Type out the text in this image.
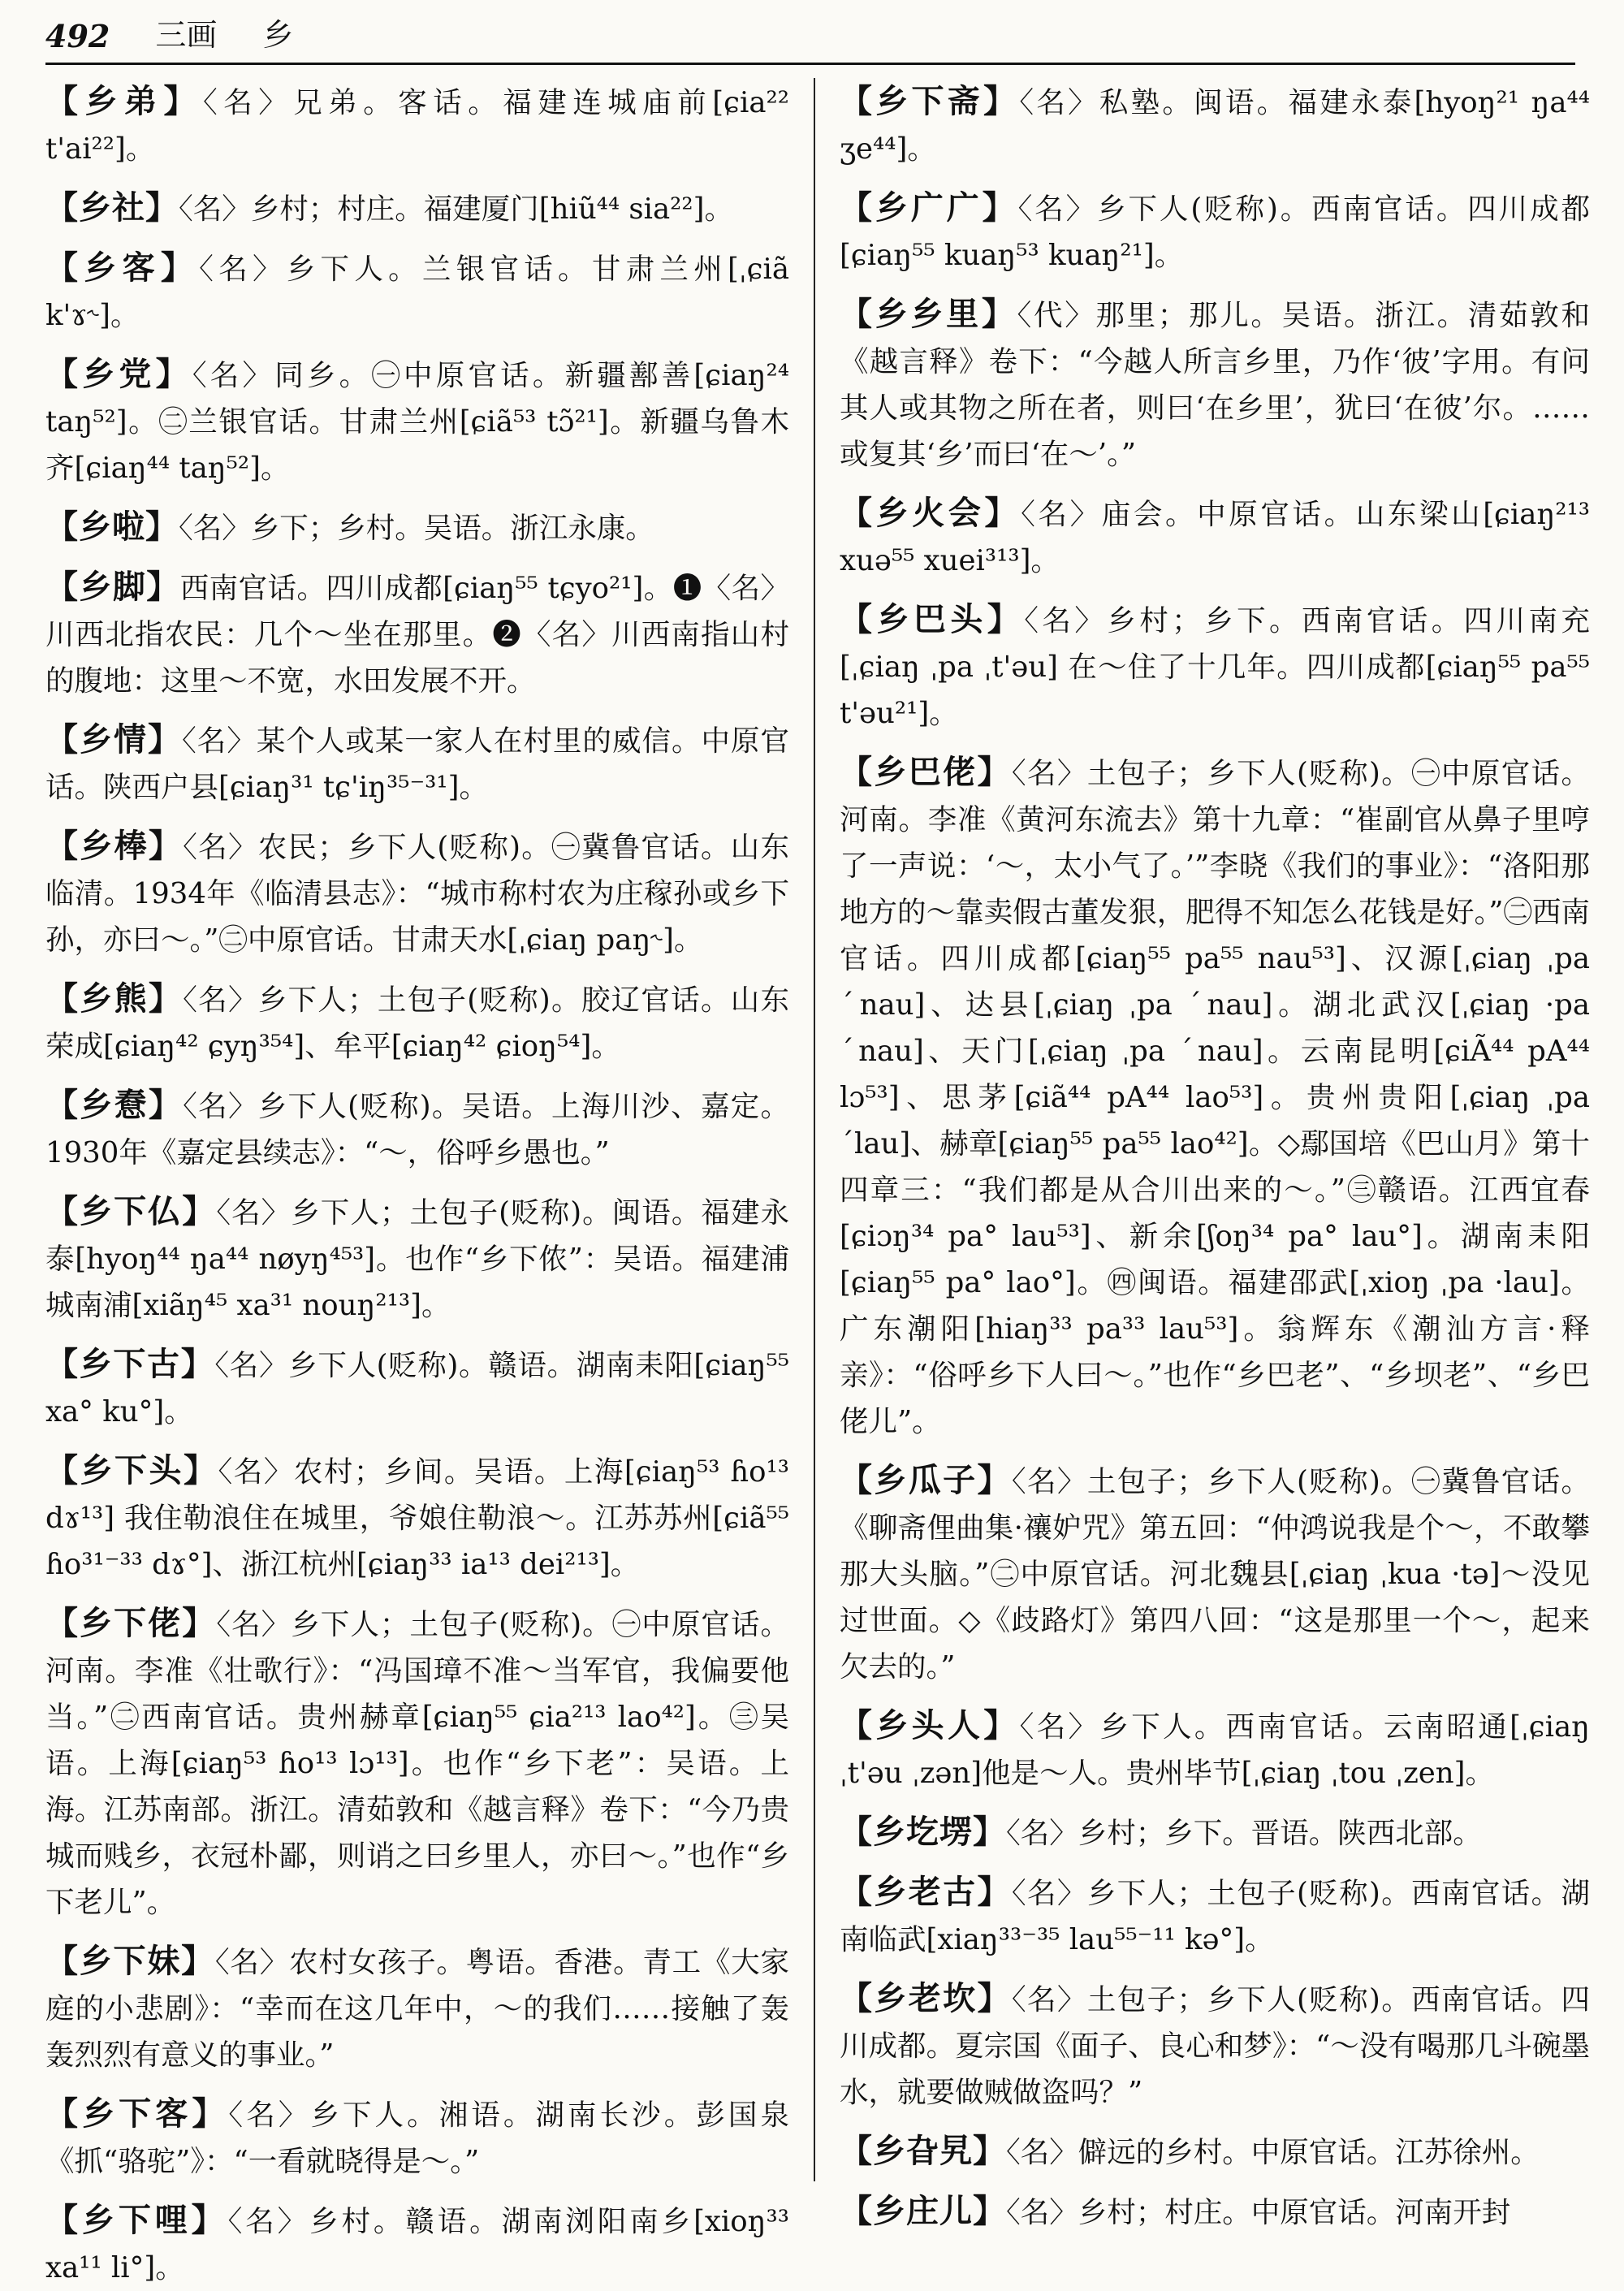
492 三画 乡
【乡弟】〈名〉兄弟。客话。福建连城庙前[ɕia²² t'ai²²]。
【乡社】〈名〉乡村；村庄。福建厦门[hiũ⁴⁴ sia²²]。
【乡客】〈名〉乡下人。兰银官话。甘肃兰州[ˌɕiã k'ɤ˞]。
【乡党】〈名〉同乡。㊀中原官话。新疆鄯善[ɕiaŋ²⁴ taŋ⁵²]。㊁兰银官话。甘肃兰州[ɕiã⁵³ tɔ̃²¹]。新疆乌鲁木齐[ɕiaŋ⁴⁴ taŋ⁵²]。
【乡啦】〈名〉乡下；乡村。吴语。浙江永康。
【乡脚】西南官话。四川成都[ɕiaŋ⁵⁵ tɕyo²¹]。❶〈名〉川西北指农民：几个～坐在那里。❷〈名〉川西南指山村的腹地：这里～不宽，水田发展不开。
【乡情】〈名〉某个人或某一家人在村里的威信。中原官话。陕西户县[ɕiaŋ³¹ tɕ'iŋ³⁵⁻³¹]。
【乡棒】〈名〉农民；乡下人(贬称)。㊀冀鲁官话。山东临清。1934年《临清县志》：“城市称村农为庄稼孙或乡下孙，亦曰～。”㊁中原官话。甘肃天水[ˌɕiaŋ paŋ˞]。
【乡熊】〈名〉乡下人；土包子(贬称)。胶辽官话。山东荣成[ɕiaŋ⁴² ɕyŋ³⁵⁴]、牟平[ɕiaŋ⁴² ɕioŋ⁵⁴]。
【乡憃】〈名〉乡下人(贬称)。吴语。上海川沙、嘉定。1930年《嘉定县续志》：“～，俗呼乡愚也。”
【乡下仏】〈名〉乡下人；土包子(贬称)。闽语。福建永泰[hyoŋ⁴⁴ ŋa⁴⁴ nøyŋ⁴⁵³]。也作“乡下侬”：吴语。福建浦城南浦[xiãŋ⁴⁵ xa³¹ nouŋ²¹³]。
【乡下古】〈名〉乡下人(贬称)。赣语。湖南耒阳[ɕiaŋ⁵⁵ xa° ku°]。
【乡下头】〈名〉农村；乡间。吴语。上海[ɕiaŋ⁵³ ɦo¹³ dɤ¹³] 我住勒浪住在城里，爷娘住勒浪～。江苏苏州[ɕiã⁵⁵ ɦo³¹⁻³³ dɤ°]、浙江杭州[ɕiaŋ³³ ia¹³ dei²¹³]。
【乡下佬】〈名〉乡下人；土包子(贬称)。㊀中原官话。河南。李准《壮歌行》：“冯国璋不准～当军官，我偏要他当。”㊁西南官话。贵州赫章[ɕiaŋ⁵⁵ ɕia²¹³ lao⁴²]。㊂吴语。上海[ɕiaŋ⁵³ ɦo¹³ lɔ¹³]。也作“乡下老”：吴语。上海。江苏南部。浙江。清茹敦和《越言释》卷下：“今乃贵城而贱乡，衣冠朴鄙，则诮之曰乡里人，亦曰～。”也作“乡下老儿”。
【乡下妹】〈名〉农村女孩子。粤语。香港。青工《大家庭的小悲剧》：“幸而在这几年中，～的我们……接触了轰轰烈烈有意义的事业。”
【乡下客】〈名〉乡下人。湘语。湖南长沙。彭国泉《抓“骆驼”》：“一看就晓得是～。”
【乡下哩】〈名〉乡村。赣语。湖南浏阳南乡[xioŋ³³ xa¹¹ li°]。
【乡下斋】〈名〉私塾。闽语。福建永泰[hyoŋ²¹ ŋa⁴⁴ ʒe⁴⁴]。
【乡广广】〈名〉乡下人(贬称)。西南官话。四川成都[ɕiaŋ⁵⁵ kuaŋ⁵³ kuaŋ²¹]。
【乡乡里】〈代〉那里；那儿。吴语。浙江。清茹敦和《越言释》卷下：“今越人所言乡里，乃作‘彼’字用。有问其人或其物之所在者，则曰‘在乡里’，犹曰‘在彼’尔。……或复其‘乡’而曰‘在～’。”
【乡火会】〈名〉庙会。中原官话。山东梁山[ɕiaŋ²¹³ xuə⁵⁵ xuei³¹³]。
【乡巴头】〈名〉乡村；乡下。西南官话。四川南充[ˌɕiaŋ ˌpa ˌt'əu] 在～住了十几年。四川成都[ɕiaŋ⁵⁵ pa⁵⁵ t'əu²¹]。
【乡巴佬】〈名〉土包子；乡下人(贬称)。㊀中原官话。河南。李准《黄河东流去》第十九章：“崔副官从鼻子里哼了一声说：‘～，太小气了。’”李晓《我们的事业》：“洛阳那地方的～靠卖假古董发狠，肥得不知怎么花钱是好。”㊁西南官话。四川成都[ɕiaŋ⁵⁵ pa⁵⁵ nau⁵³]、汉源[ˌɕiaŋ ˌpa ˊnau]、达县[ˌɕiaŋ ˌpa ˊnau]。湖北武汉[ˌɕiaŋ ·pa ˊnau]、天门[ˌɕiaŋ ˌpa ˊnau]。云南昆明[ɕiÃ⁴⁴ pA⁴⁴ lɔ⁵³]、思茅[ɕiã⁴⁴ pA⁴⁴ lao⁵³]。贵州贵阳[ˌɕiaŋ ˌpa ˊlau]、赫章[ɕiaŋ⁵⁵ pa⁵⁵ lao⁴²]。◇鄢国培《巴山月》第十四章三：“我们都是从合川出来的～。”㊂赣语。江西宜春[ɕiɔŋ³⁴ pa° lau⁵³]、新余[ʃoŋ³⁴ pa° lau°]。湖南耒阳[ɕiaŋ⁵⁵ pa° lao°]。㊃闽语。福建邵武[ˌxioŋ ˌpa ·lau]。广东潮阳[hiaŋ³³ pa³³ lau⁵³]。翁辉东《潮汕方言·释亲》：“俗呼乡下人曰～。”也作“乡巴老”、“乡坝老”、“乡巴佬儿”。
【乡瓜子】〈名〉土包子；乡下人(贬称)。㊀冀鲁官话。《聊斋俚曲集·禳妒咒》第五回：“仲鸿说我是个～，不敢攀那大头脑。”㊁中原官话。河北魏县[ˌɕiaŋ ˌkua ·tə]～没见过世面。◇《歧路灯》第四八回：“这是那里一个～，起来欠去的。”
【乡头人】〈名〉乡下人。西南官话。云南昭通[ˌɕiaŋ ˌt'əu ˌzən]他是～人。贵州毕节[ˌɕiaŋ ˌtou ˌzen]。
【乡圪塄】〈名〉乡村；乡下。晋语。陕西北部。
【乡老古】〈名〉乡下人；土包子(贬称)。西南官话。湖南临武[xiaŋ³³⁻³⁵ lau⁵⁵⁻¹¹ kə°]。
【乡老坎】〈名〉土包子；乡下人(贬称)。西南官话。四川成都。夏宗国《面子、良心和梦》：“～没有喝那几斗碗墨水，就要做贼做盗吗？”
【乡旮旯】〈名〉僻远的乡村。中原官话。江苏徐州。
【乡庄儿】〈名〉乡村；村庄。中原官话。河南开封
